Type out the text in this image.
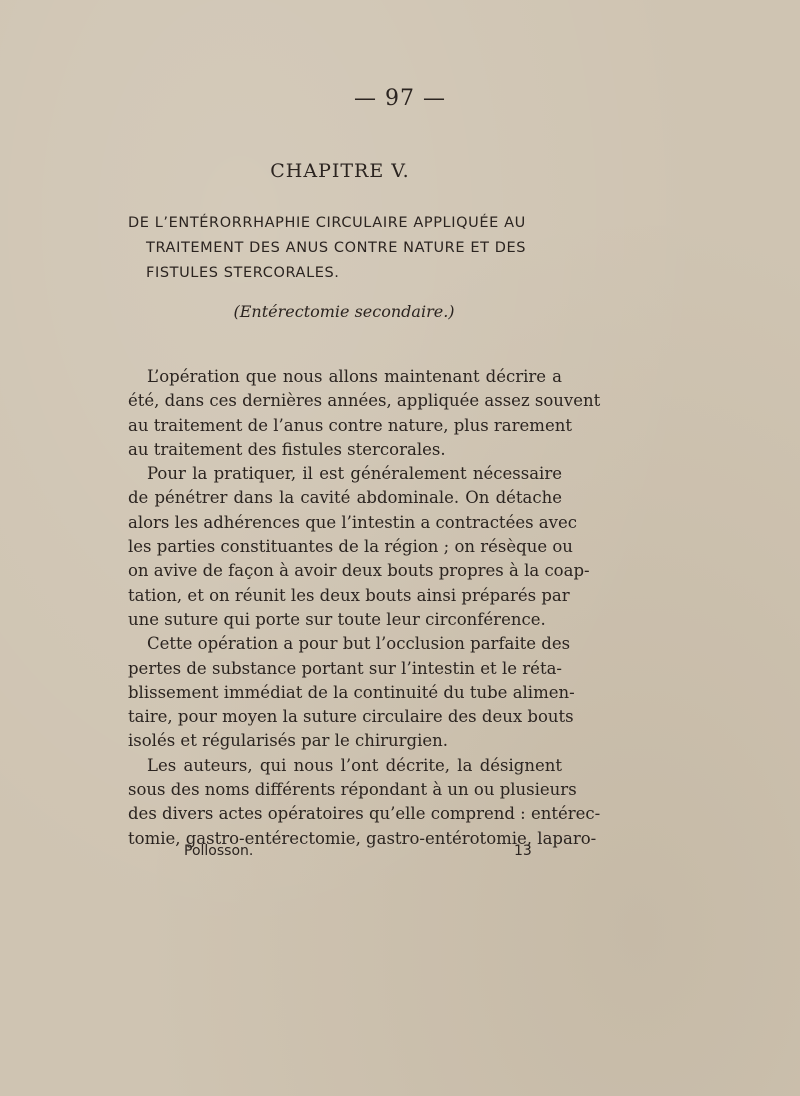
— 97 —
CHAPITRE V.
DE L’ENTÉRORRHAPHIE CIRCULAIRE APPLIQUÉE AU
TRAITEMENT DES ANUS CONTRE NATURE ET DES
FISTULES STERCORALES.
(Entérectomie secondaire.)
L’opération que nous allons maintenant décrire a
été, dans ces dernières années, appliquée assez souvent
au traitement de l’anus contre nature, plus rarement
au traitement des fistules stercorales.
Pour la pratiquer, il est généralement nécessaire
de pénétrer dans la cavité abdominale. On détache
alors les adhérences que l’intestin a contractées avec
les parties constituantes de la région ; on résèque ou
on avive de façon à avoir deux bouts propres à la coap-
tation, et on réunit les deux bouts ainsi préparés par
une suture qui porte sur toute leur circonférence.
Cette opération a pour but l’occlusion parfaite des
pertes de substance portant sur l’intestin et le réta-
blissement immédiat de la continuité du tube alimen-
taire, pour moyen la suture circulaire des deux bouts
isolés et régularisés par le chirurgien.
Les auteurs, qui nous l’ont décrite, la désignent
sous des noms différents répondant à un ou plusieurs
des divers actes opératoires qu’elle comprend : entérec-
tomie, gastro-entérectomie, gastro-entérotomie, laparo-
Pollosson.	13
